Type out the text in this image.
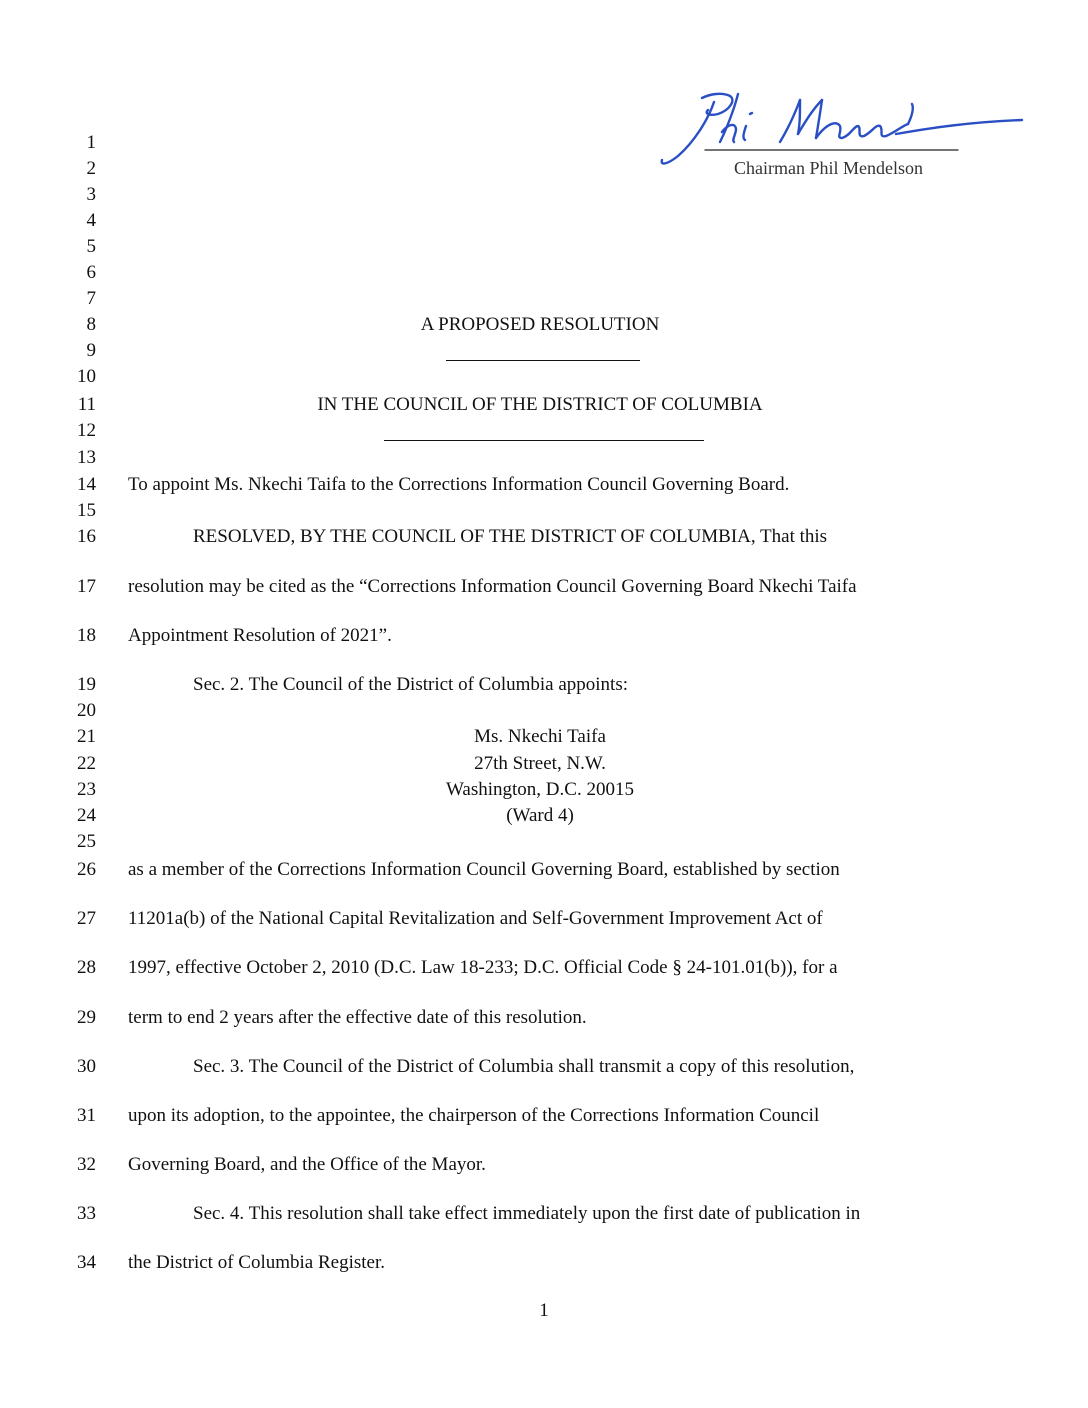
Chairman Phil Mendelson
1
2
3
4
5
6
7
8
9
10
11
12
13
14
15
16
17
18
19
20
21
22
23
24
25
26
27
28
29
30
31
32
33
34
A PROPOSED RESOLUTION
IN THE COUNCIL OF THE DISTRICT OF COLUMBIA
To appoint Ms. Nkechi Taifa to the Corrections Information Council Governing Board.
RESOLVED, BY THE COUNCIL OF THE DISTRICT OF COLUMBIA, That this
resolution may be cited as the “Corrections Information Council Governing Board Nkechi Taifa
Appointment Resolution of 2021”.
Sec. 2. The Council of the District of Columbia appoints:
Ms. Nkechi Taifa
27th Street, N.W.
Washington, D.C. 20015
(Ward 4)
as a member of the Corrections Information Council Governing Board, established by section
11201a(b) of the National Capital Revitalization and Self-Government Improvement Act of
1997, effective October 2, 2010 (D.C. Law 18-233; D.C. Official Code § 24-101.01(b)), for a
term to end 2 years after the effective date of this resolution.
Sec. 3. The Council of the District of Columbia shall transmit a copy of this resolution,
upon its adoption, to the appointee, the chairperson of the Corrections Information Council
Governing Board, and the Office of the Mayor.
Sec. 4. This resolution shall take effect immediately upon the first date of publication in
the District of Columbia Register.
1
